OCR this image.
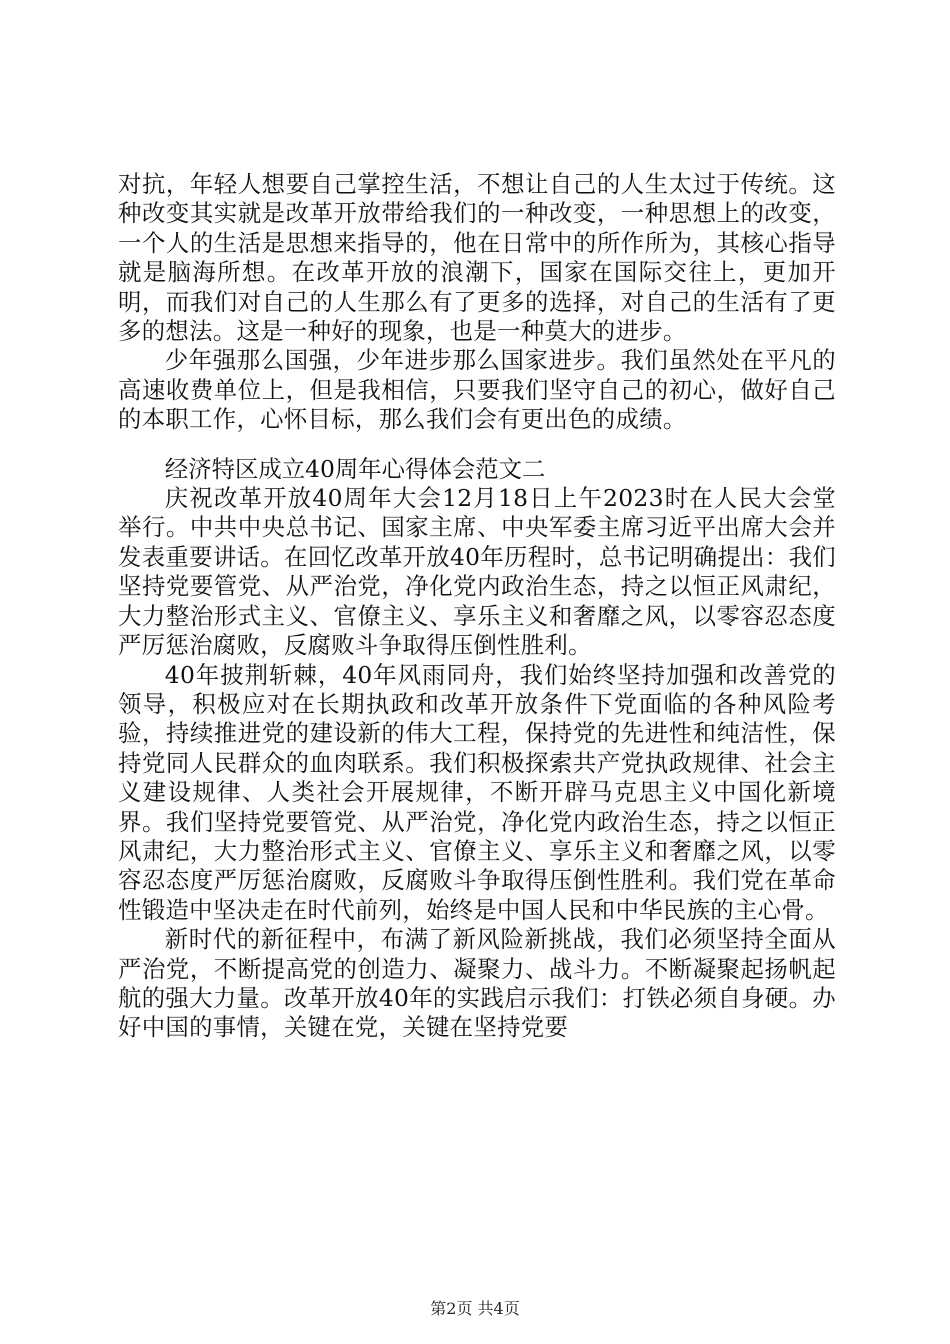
对抗，年轻人想要自己掌控生活，不想让自己的人生太过于传统。这种改变其实就是改革开放带给我们的一种改变，一种思想上的改变，一个人的生活是思想来指导的，他在日常中的所作所为，其核心指导就是脑海所想。在改革开放的浪潮下，国家在国际交往上，更加开明，而我们对自己的人生那么有了更多的选择，对自己的生活有了更多的想法。这是一种好的现象，也是一种莫大的进步。

少年强那么国强，少年进步那么国家进步。我们虽然处在平凡的高速收费单位上，但是我相信，只要我们坚守自己的初心，做好自己的本职工作，心怀目标，那么我们会有更出色的成绩。

经济特区成立40周年心得体会范文二

庆祝改革开放40周年大会12月18日上午2023时在人民大会堂举行。中共中央总书记、国家主席、中央军委主席习近平出席大会并发表重要讲话。在回忆改革开放40年历程时，总书记明确提出：我们坚持党要管党、从严治党，净化党内政治生态，持之以恒正风肃纪，大力整治形式主义、官僚主义、享乐主义和奢靡之风，以零容忍态度严厉惩治腐败，反腐败斗争取得压倒性胜利。

40年披荆斩棘，40年风雨同舟，我们始终坚持加强和改善党的领导，积极应对在长期执政和改革开放条件下党面临的各种风险考验，持续推进党的建设新的伟大工程，保持党的先进性和纯洁性，保持党同人民群众的血肉联系。我们积极探索共产党执政规律、社会主义建设规律、人类社会开展规律，不断开辟马克思主义中国化新境界。我们坚持党要管党、从严治党，净化党内政治生态，持之以恒正风肃纪，大力整治形式主义、官僚主义、享乐主义和奢靡之风，以零容忍态度严厉惩治腐败，反腐败斗争取得压倒性胜利。我们党在革命性锻造中坚决走在时代前列，始终是中国人民和中华民族的主心骨。

新时代的新征程中，布满了新风险新挑战，我们必须坚持全面从严治党，不断提高党的创造力、凝聚力、战斗力。不断凝聚起扬帆起航的强大力量。改革开放40年的实践启示我们：打铁必须自身硬。办好中国的事情，关键在党，关键在坚持党要

第2页 共4页
